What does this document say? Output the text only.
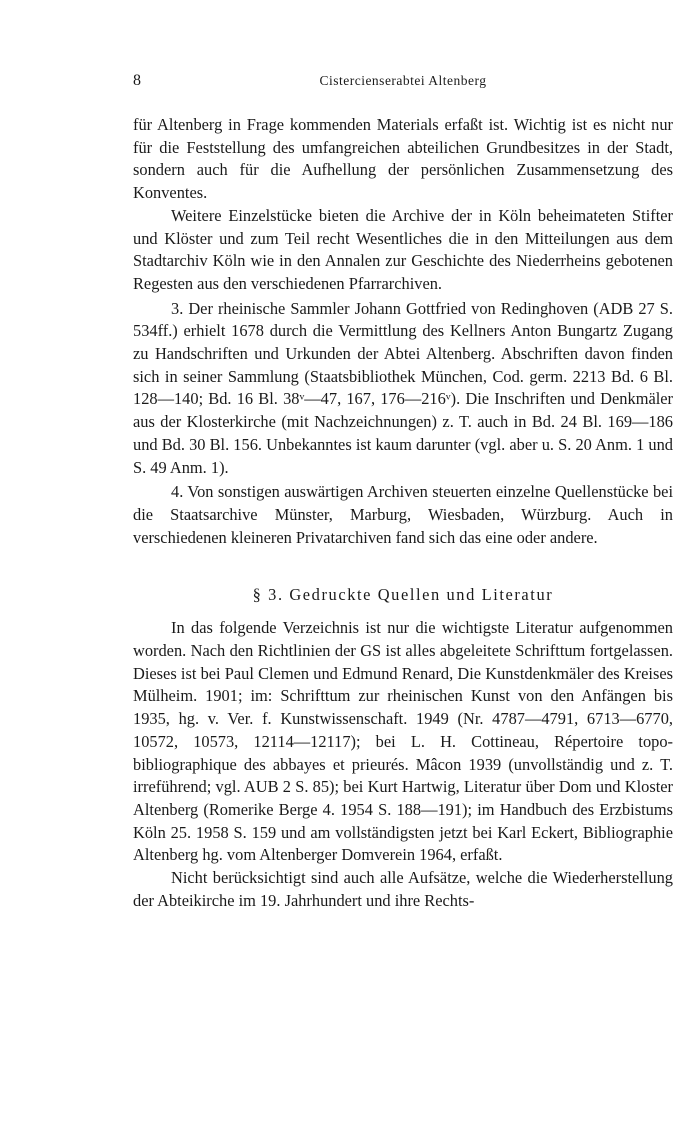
8	Cistercienserabtei Altenberg

für Altenberg in Frage kommenden Materials erfaßt ist. Wichtig ist es nicht nur für die Feststellung des umfangreichen abteilichen Grundbesitzes in der Stadt, sondern auch für die Aufhellung der persönlichen Zusammensetzung des Konventes.

Weitere Einzelstücke bieten die Archive der in Köln beheimateten Stifter und Klöster und zum Teil recht Wesentliches die in den Mitteilungen aus dem Stadtarchiv Köln wie in den Annalen zur Geschichte des Niederrheins gebotenen Regesten aus den verschiedenen Pfarrarchiven.

3. Der rheinische Sammler Johann Gottfried von Redinghoven (ADB 27 S. 534ff.) erhielt 1678 durch die Vermittlung des Kellners Anton Bungartz Zugang zu Handschriften und Urkunden der Abtei Altenberg. Abschriften davon finden sich in seiner Sammlung (Staatsbibliothek München, Cod. germ. 2213 Bd. 6 Bl. 128—140; Bd. 16 Bl. 38ᵛ—47, 167, 176—216ᵛ). Die Inschriften und Denkmäler aus der Klosterkirche (mit Nachzeichnungen) z. T. auch in Bd. 24 Bl. 169—186 und Bd. 30 Bl. 156. Unbekanntes ist kaum darunter (vgl. aber u. S. 20 Anm. 1 und S. 49 Anm. 1).

4. Von sonstigen auswärtigen Archiven steuerten einzelne Quellenstücke bei die Staatsarchive Münster, Marburg, Wiesbaden, Würzburg. Auch in verschiedenen kleineren Privatarchiven fand sich das eine oder andere.

§ 3. Gedruckte Quellen und Literatur

In das folgende Verzeichnis ist nur die wichtigste Literatur aufgenommen worden. Nach den Richtlinien der GS ist alles abgeleitete Schrifttum fortgelassen. Dieses ist bei Paul Clemen und Edmund Renard, Die Kunstdenkmäler des Kreises Mülheim. 1901; im: Schrifttum zur rheinischen Kunst von den Anfängen bis 1935, hg. v. Ver. f. Kunstwissenschaft. 1949 (Nr. 4787—4791, 6713—6770, 10572, 10573, 12114—12117); bei L. H. Cottineau, Répertoire topo-bibliographique des abbayes et prieurés. Mâcon 1939 (unvollständig und z. T. irreführend; vgl. AUB 2 S. 85); bei Kurt Hartwig, Literatur über Dom und Kloster Altenberg (Romerike Berge 4. 1954 S. 188—191); im Handbuch des Erzbistums Köln 25. 1958 S. 159 und am vollständigsten jetzt bei Karl Eckert, Bibliographie Altenberg hg. vom Altenberger Domverein 1964, erfaßt.

Nicht berücksichtigt sind auch alle Aufsätze, welche die Wiederherstellung der Abteikirche im 19. Jahrhundert und ihre Rechts-
